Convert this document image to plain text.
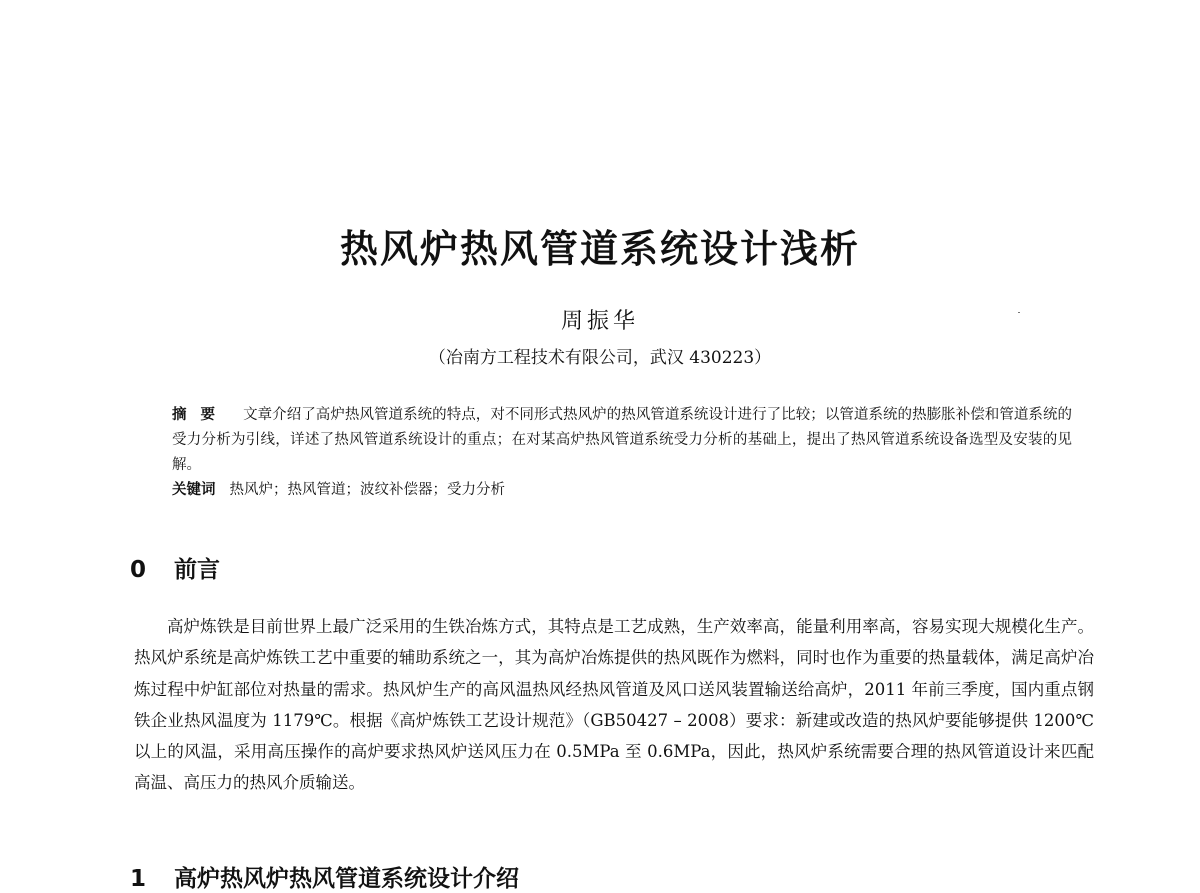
热风炉热风管道系统设计浅析
周振华
（冶南方工程技术有限公司，武汉 430223）

摘要 文章介绍了高炉热风管道系统的特点，对不同形式热风炉的热风管道系统设计进行了比较；以管道系统的热膨胀补偿和管道系统的受力分析为引线，详述了热风管道系统设计的重点；在对某高炉热风管道系统受力分析的基础上，提出了热风管道系统设备选型及安装的见解。

关键词 热风炉；热风管道；波纹补偿器；受力分析

0 前言

高炉炼铁是目前世界上最广泛采用的生铁冶炼方式，其特点是工艺成熟，生产效率高，能量利用率高，容易实现大规模化生产。热风炉系统是高炉炼铁工艺中重要的辅助系统之一，其为高炉冶炼提供的热风既作为燃料，同时也作为重要的热量载体，满足高炉冶炼过程中炉缸部位对热量的需求。热风炉生产的高风温热风经热风管道及风口送风装置输送给高炉，2011 年前三季度，国内重点钢铁企业热风温度为 1179℃。根据《高炉炼铁工艺设计规范》（GB50427 – 2008）要求：新建或改造的热风炉要能够提供 1200℃ 以上的风温，采用高压操作的高炉要求热风炉送风压力在 0.5MPa 至 0.6MPa，因此，热风炉系统需要合理的热风管道设计来匹配高温、高压力的热风介质输送。

1 高炉热风炉热风管道系统设计介绍
